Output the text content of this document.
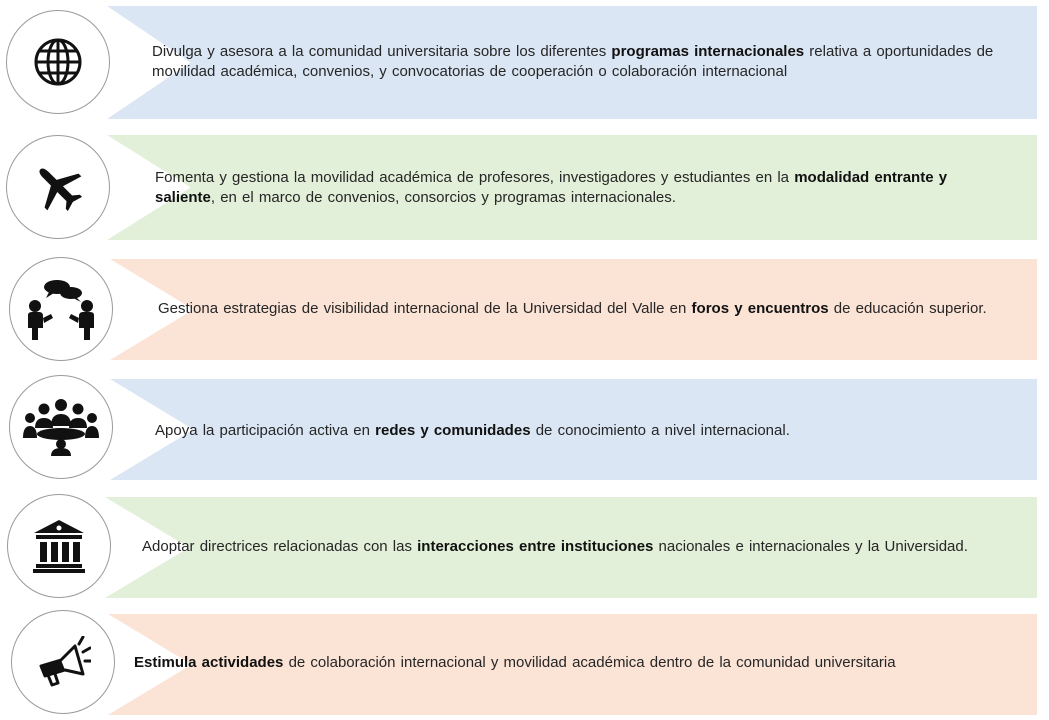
Divulga y asesora a la comunidad universitaria sobre los diferentes programas internacionales relativa a oportunidades de movilidad académica, convenios, y convocatorias de cooperación o colaboración internacional
Fomenta y gestiona la movilidad académica de profesores, investigadores y estudiantes en la modalidad entrante y saliente, en el marco de convenios, consorcios y programas internacionales.
Gestiona estrategias de visibilidad internacional de la Universidad del Valle en foros y encuentros de educación superior.
Apoya la participación activa en redes y comunidades de conocimiento a nivel internacional.
Adoptar directrices relacionadas con las interacciones entre instituciones nacionales e internacionales y la Universidad.
Estimula actividades de colaboración internacional y movilidad académica dentro de la comunidad universitaria
